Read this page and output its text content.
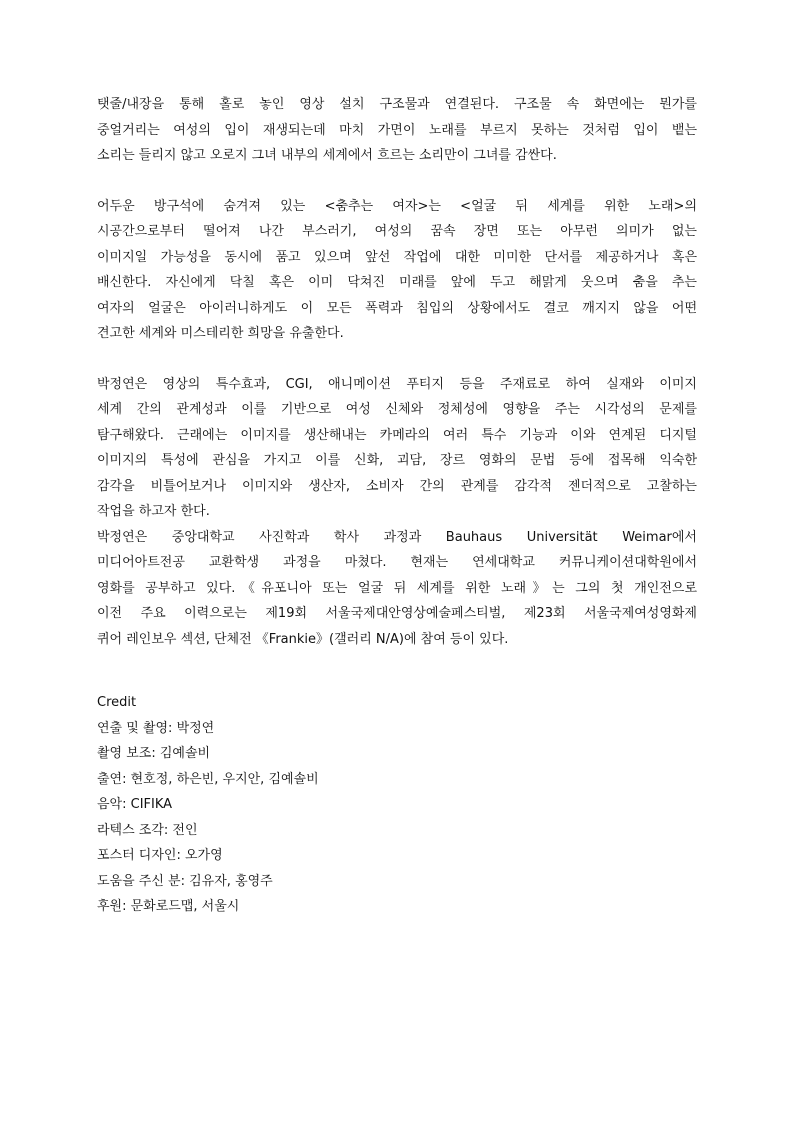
탯줄/내장을 통해 홀로 놓인 영상 설치 구조물과 연결된다. 구조물 속 화면에는 뭔가를
중얼거리는 여성의 입이 재생되는데 마치 가면이 노래를 부르지 못하는 것처럼 입이 뱉는
소리는 들리지 않고 오로지 그녀 내부의 세계에서 흐르는 소리만이 그녀를 감싼다.
어두운 방구석에 숨겨져 있는 <춤추는 여자>는 <얼굴 뒤 세계를 위한 노래>의
시공간으로부터 떨어져 나간 부스러기, 여성의 꿈속 장면 또는 아무런 의미가 없는
이미지일 가능성을 동시에 품고 있으며 앞선 작업에 대한 미미한 단서를 제공하거나 혹은
배신한다. 자신에게 닥칠 혹은 이미 닥쳐진 미래를 앞에 두고 해맑게 웃으며 춤을 추는
여자의 얼굴은 아이러니하게도 이 모든 폭력과 침입의 상황에서도 결코 깨지지 않을 어떤
견고한 세계와 미스테리한 희망을 유출한다.
박정연은 영상의 특수효과, CGI, 애니메이션 푸티지 등을 주재료로 하여 실재와 이미지
세계 간의 관계성과 이를 기반으로 여성 신체와 정체성에 영향을 주는 시각성의 문제를
탐구해왔다. 근래에는 이미지를 생산해내는 카메라의 여러 특수 기능과 이와 연계된 디지털
이미지의 특성에 관심을 가지고 이를 신화, 괴담, 장르 영화의 문법 등에 접목해 익숙한
감각을 비틀어보거나 이미지와 생산자, 소비자 간의 관계를 감각적 젠더적으로 고찰하는
작업을 하고자 한다.
박정연은 중앙대학교 사진학과 학사 과정과 Bauhaus Universität Weimar에서
미디어아트전공 교환학생 과정을 마쳤다. 현재는 연세대학교 커뮤니케이션대학원에서
영화를 공부하고 있다.《유포니아 또는 얼굴 뒤 세계를 위한 노래》는 그의 첫 개인전으로
이전 주요 이력으로는 제19회 서울국제대안영상예술페스티벌, 제23회 서울국제여성영화제
퀴어 레인보우 섹션, 단체전 《Frankie》(갤러리 N/A)에 참여 등이 있다.
Credit
연출 및 촬영: 박정연
촬영 보조: 김예솔비
출연: 현호정, 하은빈, 우지안, 김예솔비
음악: CIFIKA
라텍스 조각: 전인
포스터 디자인: 오가영
도움을 주신 분: 김유자, 홍영주
후원: 문화로드맵, 서울시
